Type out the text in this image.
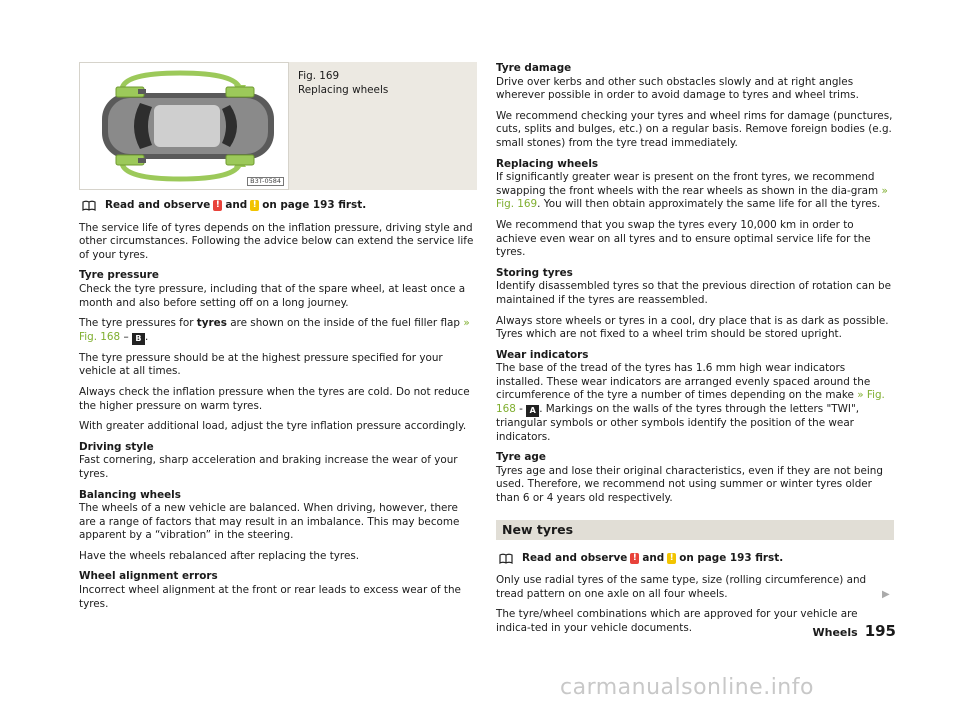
B3T-0584
Fig. 169
Replacing wheels
Read and observe ! and ! on page 193 first.

The service life of tyres depends on the inflation pressure, driving style and other circumstances. Following the advice below can extend the service life of your tyres.

Tyre pressure
Check the tyre pressure, including that of the spare wheel, at least once a month and also before setting off on a long journey.

The tyre pressures for tyres are shown on the inside of the fuel filler flap » Fig. 168 – B .

The tyre pressure should be at the highest pressure specified for your vehicle at all times.

Always check the inflation pressure when the tyres are cold. Do not reduce the higher pressure on warm tyres.

With greater additional load, adjust the tyre inflation pressure accordingly.

Driving style
Fast cornering, sharp acceleration and braking increase the wear of your tyres.

Balancing wheels
The wheels of a new vehicle are balanced. When driving, however, there are a range of factors that may result in an imbalance. This may become apparent by a “vibration” in the steering.

Have the wheels rebalanced after replacing the tyres.

Wheel alignment errors
Incorrect wheel alignment at the front or rear leads to excess wear of the tyres.

Tyre damage
Drive over kerbs and other such obstacles slowly and at right angles wherever possible in order to avoid damage to tyres and wheel trims.

We recommend checking your tyres and wheel rims for damage (punctures, cuts, splits and bulges, etc.) on a regular basis. Remove foreign bodies (e.g. small stones) from the tyre tread immediately.

Replacing wheels
If significantly greater wear is present on the front tyres, we recommend swapping the front wheels with the rear wheels as shown in the dia-gram » Fig. 169. You will then obtain approximately the same life for all the tyres.

We recommend that you swap the tyres every 10,000 km in order to achieve even wear on all tyres and to ensure optimal service life for the tyres.

Storing tyres
Identify disassembled tyres so that the previous direction of rotation can be maintained if the tyres are reassembled.

Always store wheels or tyres in a cool, dry place that is as dark as possible. Tyres which are not fixed to a wheel trim should be stored upright.

Wear indicators
The base of the tread of the tyres has 1.6 mm high wear indicators installed. These wear indicators are arranged evenly spaced around the circumference of the tyre a number of times depending on the make » Fig. 168 - A . Markings on the walls of the tyres through the letters "TWI", triangular symbols or other symbols identify the position of the wear indicators.

Tyre age
Tyres age and lose their original characteristics, even if they are not being used. Therefore, we recommend not using summer or winter tyres older than 6 or 4 years old respectively.

New tyres
Read and observe ! and ! on page 193 first.

Only use radial tyres of the same type, size (rolling circumference) and tread pattern on one axle on all four wheels.

The tyre/wheel combinations which are approved for your vehicle are indica-ted in your vehicle documents.

▶
Wheels 195
carmanualsonline.info
